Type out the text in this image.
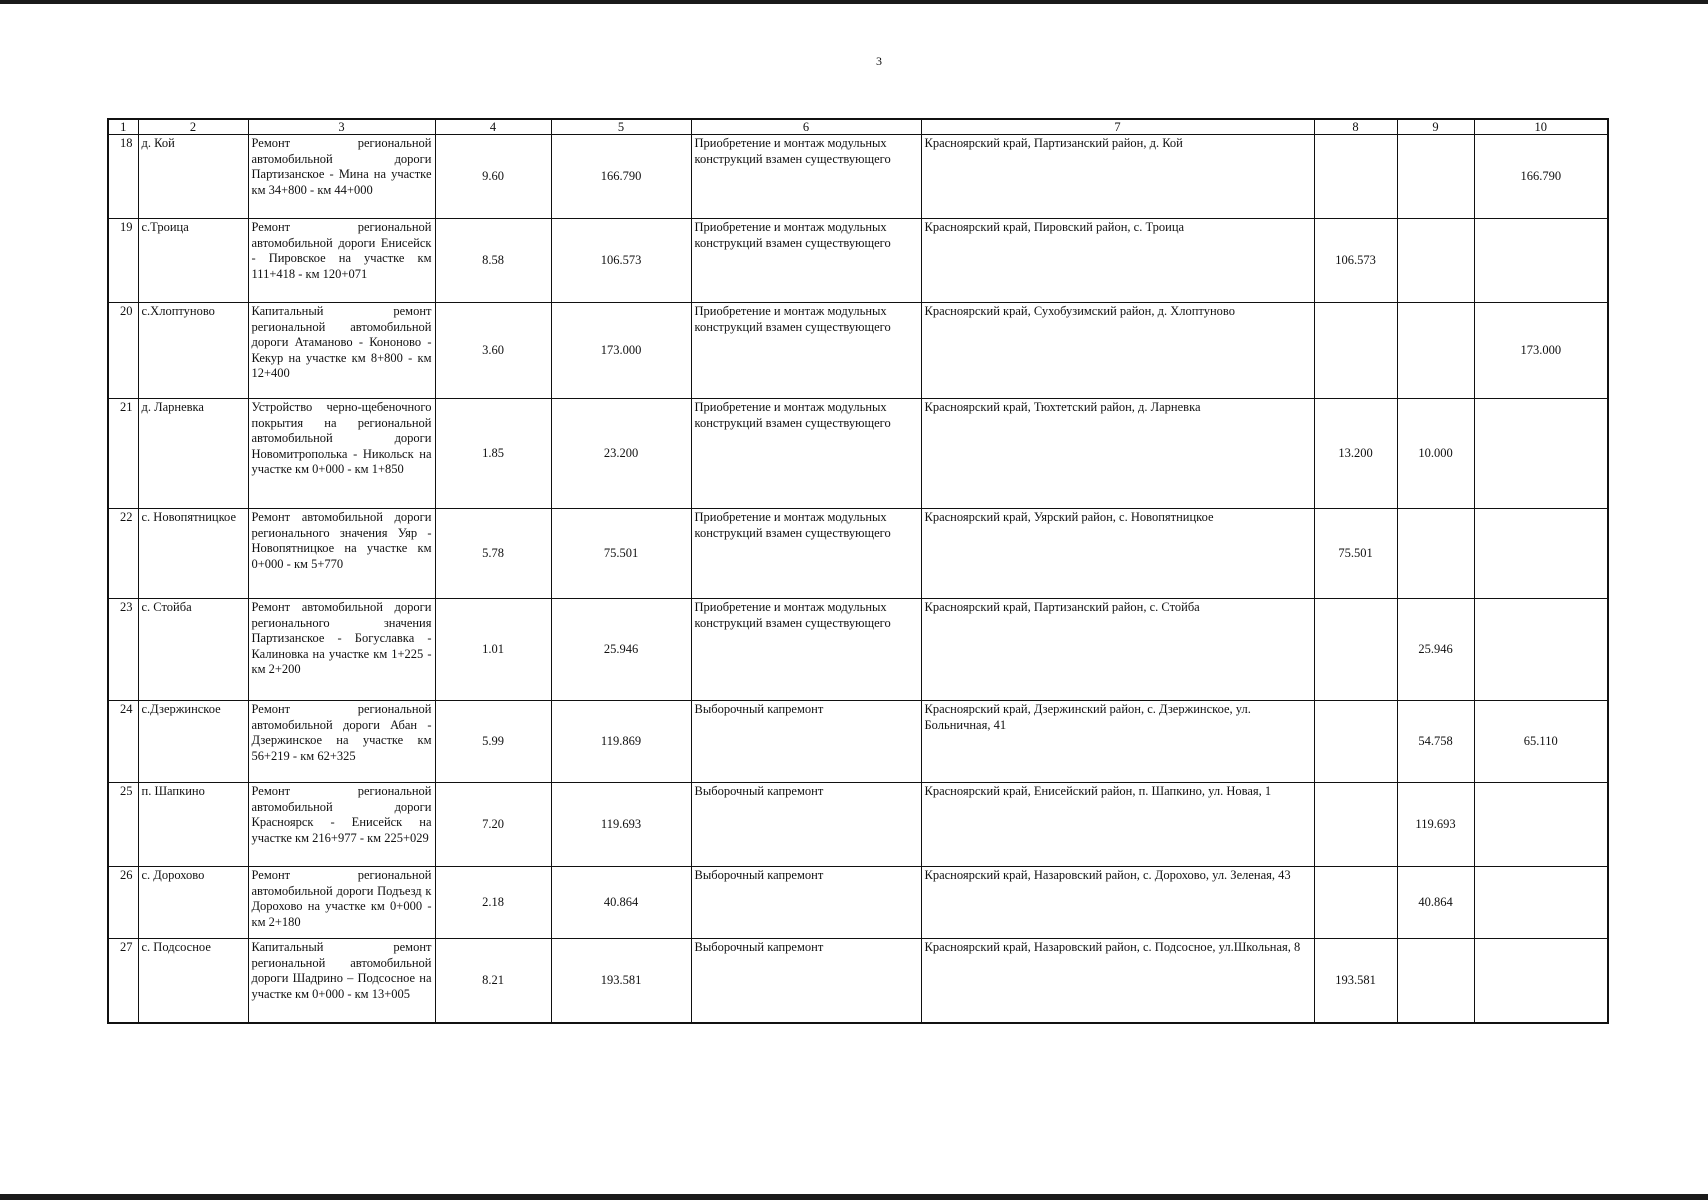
3
1	2	3	4	5	6	7	8	9	10
18	д. Кой	Ремонт региональной автомобильной дороги Партизанское - Мина на участке км 34+800 - км 44+000	9.60	166.790	Приобретение и монтаж модульных конструкций взамен существующего	Красноярский край, Партизанский район, д. Кой			166.790
19	с.Троица	Ремонт региональной автомобильной дороги Енисейск - Пировское на участке км 111+418 - км 120+071	8.58	106.573	Приобретение и монтаж модульных конструкций взамен существующего	Красноярский край, Пировский район, с. Троица	106.573		
20	с.Хлоптуново	Капитальный ремонт региональной автомобильной дороги Атаманово - Кононово - Кекур на участке км 8+800 - км 12+400	3.60	173.000	Приобретение и монтаж модульных конструкций взамен существующего	Красноярский край, Сухобузимский район, д. Хлоптуново			173.000
21	д. Ларневка	Устройство черно-щебеночного покрытия на региональной автомобильной дороги Новомитрополька - Никольск на участке км 0+000 - км 1+850	1.85	23.200	Приобретение и монтаж модульных конструкций взамен существующего	Красноярский край, Тюхтетский район, д. Ларневка	13.200	10.000	
22	с. Новопятницкое	Ремонт автомобильной дороги регионального значения Уяр - Новопятницкое на участке км 0+000 - км 5+770	5.78	75.501	Приобретение и монтаж модульных конструкций взамен существующего	Красноярский край, Уярский район, с. Новопятницкое	75.501		
23	с. Стойба	Ремонт автомобильной дороги регионального значения Партизанское - Богуславка - Калиновка на участке км 1+225 - км 2+200	1.01	25.946	Приобретение и монтаж модульных конструкций взамен существующего	Красноярский край, Партизанский район, с. Стойба		25.946	
24	с.Дзержинское	Ремонт региональной автомобильной дороги Абан - Дзержинское на участке км 56+219 - км 62+325	5.99	119.869	Выборочный капремонт	Красноярский край, Дзержинский район, с. Дзержинское, ул. Больничная, 41		54.758	65.110
25	п. Шапкино	Ремонт региональной автомобильной дороги Красноярск - Енисейск на участке км 216+977 - км 225+029	7.20	119.693	Выборочный капремонт	Красноярский край, Енисейский район, п. Шапкино, ул. Новая, 1		119.693	
26	с. Дорохово	Ремонт региональной автомобильной дороги Подъезд к Дорохово на участке км 0+000 - км 2+180	2.18	40.864	Выборочный капремонт	Красноярский край, Назаровский район, с. Дорохово, ул. Зеленая, 43		40.864	
27	с. Подсосное	Капитальный ремонт региональной автомобильной дороги Шадрино – Подсосное на участке км 0+000 - км 13+005	8.21	193.581	Выборочный капремонт	Красноярский край, Назаровский район, с. Подсосное, ул.Школьная, 8	193.581		
